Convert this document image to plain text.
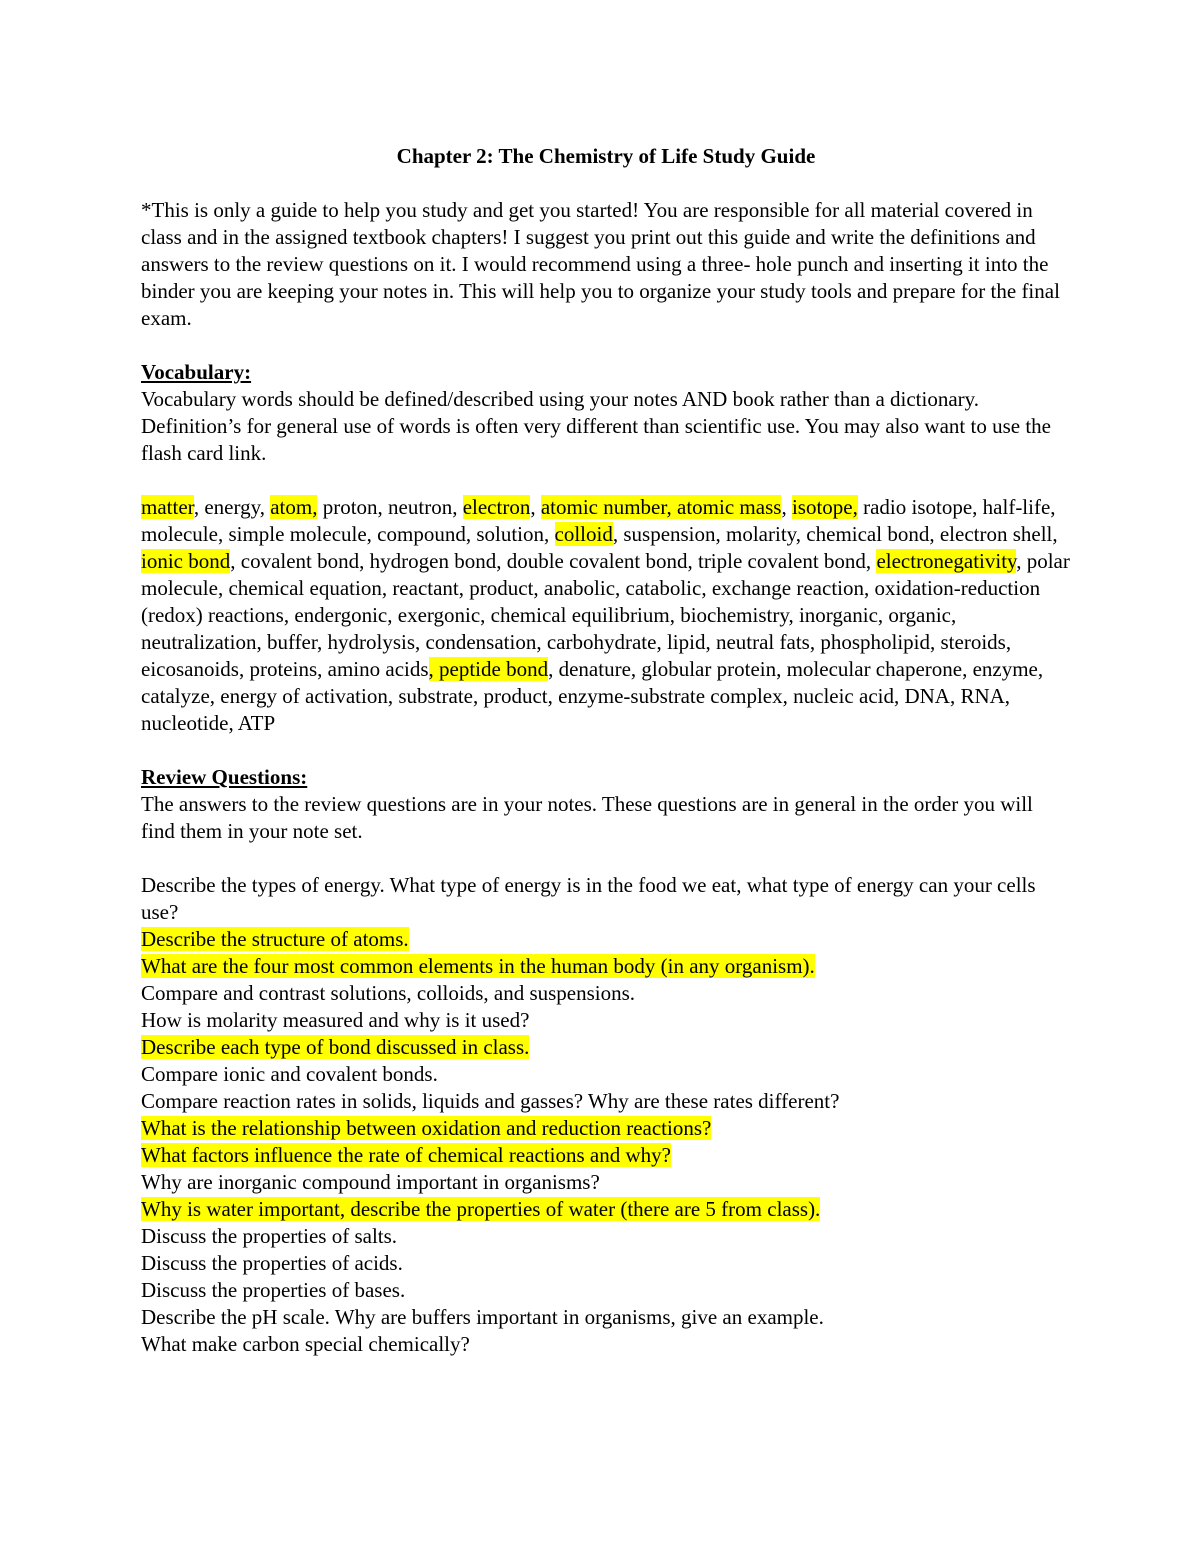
Chapter 2: The Chemistry of Life Study Guide

*This is only a guide to help you study and get you started! You are responsible for all material covered in class and in the assigned textbook chapters! I suggest you print out this guide and write the definitions and answers to the review questions on it. I would recommend using a three- hole punch and inserting it into the binder you are keeping your notes in. This will help you to organize your study tools and prepare for the final exam.

Vocabulary:
Vocabulary words should be defined/described using your notes AND book rather than a dictionary. Definition’s for general use of words is often very different than scientific use. You may also want to use the flash card link.

matter, energy, atom, proton, neutron, electron, atomic number, atomic mass, isotope, radio isotope, half-life, molecule, simple molecule, compound, solution, colloid, suspension, molarity, chemical bond, electron shell, ionic bond, covalent bond, hydrogen bond, double covalent bond, triple covalent bond, electronegativity, polar molecule, chemical equation, reactant, product, anabolic, catabolic, exchange reaction, oxidation-reduction (redox) reactions, endergonic, exergonic, chemical equilibrium, biochemistry, inorganic, organic, neutralization, buffer, hydrolysis, condensation, carbohydrate, lipid, neutral fats, phospholipid, steroids, eicosanoids, proteins, amino acids, peptide bond, denature, globular protein, molecular chaperone, enzyme, catalyze, energy of activation, substrate, product, enzyme-substrate complex, nucleic acid, DNA, RNA, nucleotide, ATP

Review Questions:
The answers to the review questions are in your notes. These questions are in general in the order you will find them in your note set.

Describe the types of energy. What type of energy is in the food we eat, what type of energy can your cells use?
Describe the structure of atoms.
What are the four most common elements in the human body (in any organism).
Compare and contrast solutions, colloids, and suspensions.
How is molarity measured and why is it used?
Describe each type of bond discussed in class.
Compare ionic and covalent bonds.
Compare reaction rates in solids, liquids and gasses? Why are these rates different?
What is the relationship between oxidation and reduction reactions?
What factors influence the rate of chemical reactions and why?
Why are inorganic compound important in organisms?
Why is water important, describe the properties of water (there are 5 from class).
Discuss the properties of salts.
Discuss the properties of acids.
Discuss the properties of bases.
Describe the pH scale. Why are buffers important in organisms, give an example.
What make carbon special chemically?
